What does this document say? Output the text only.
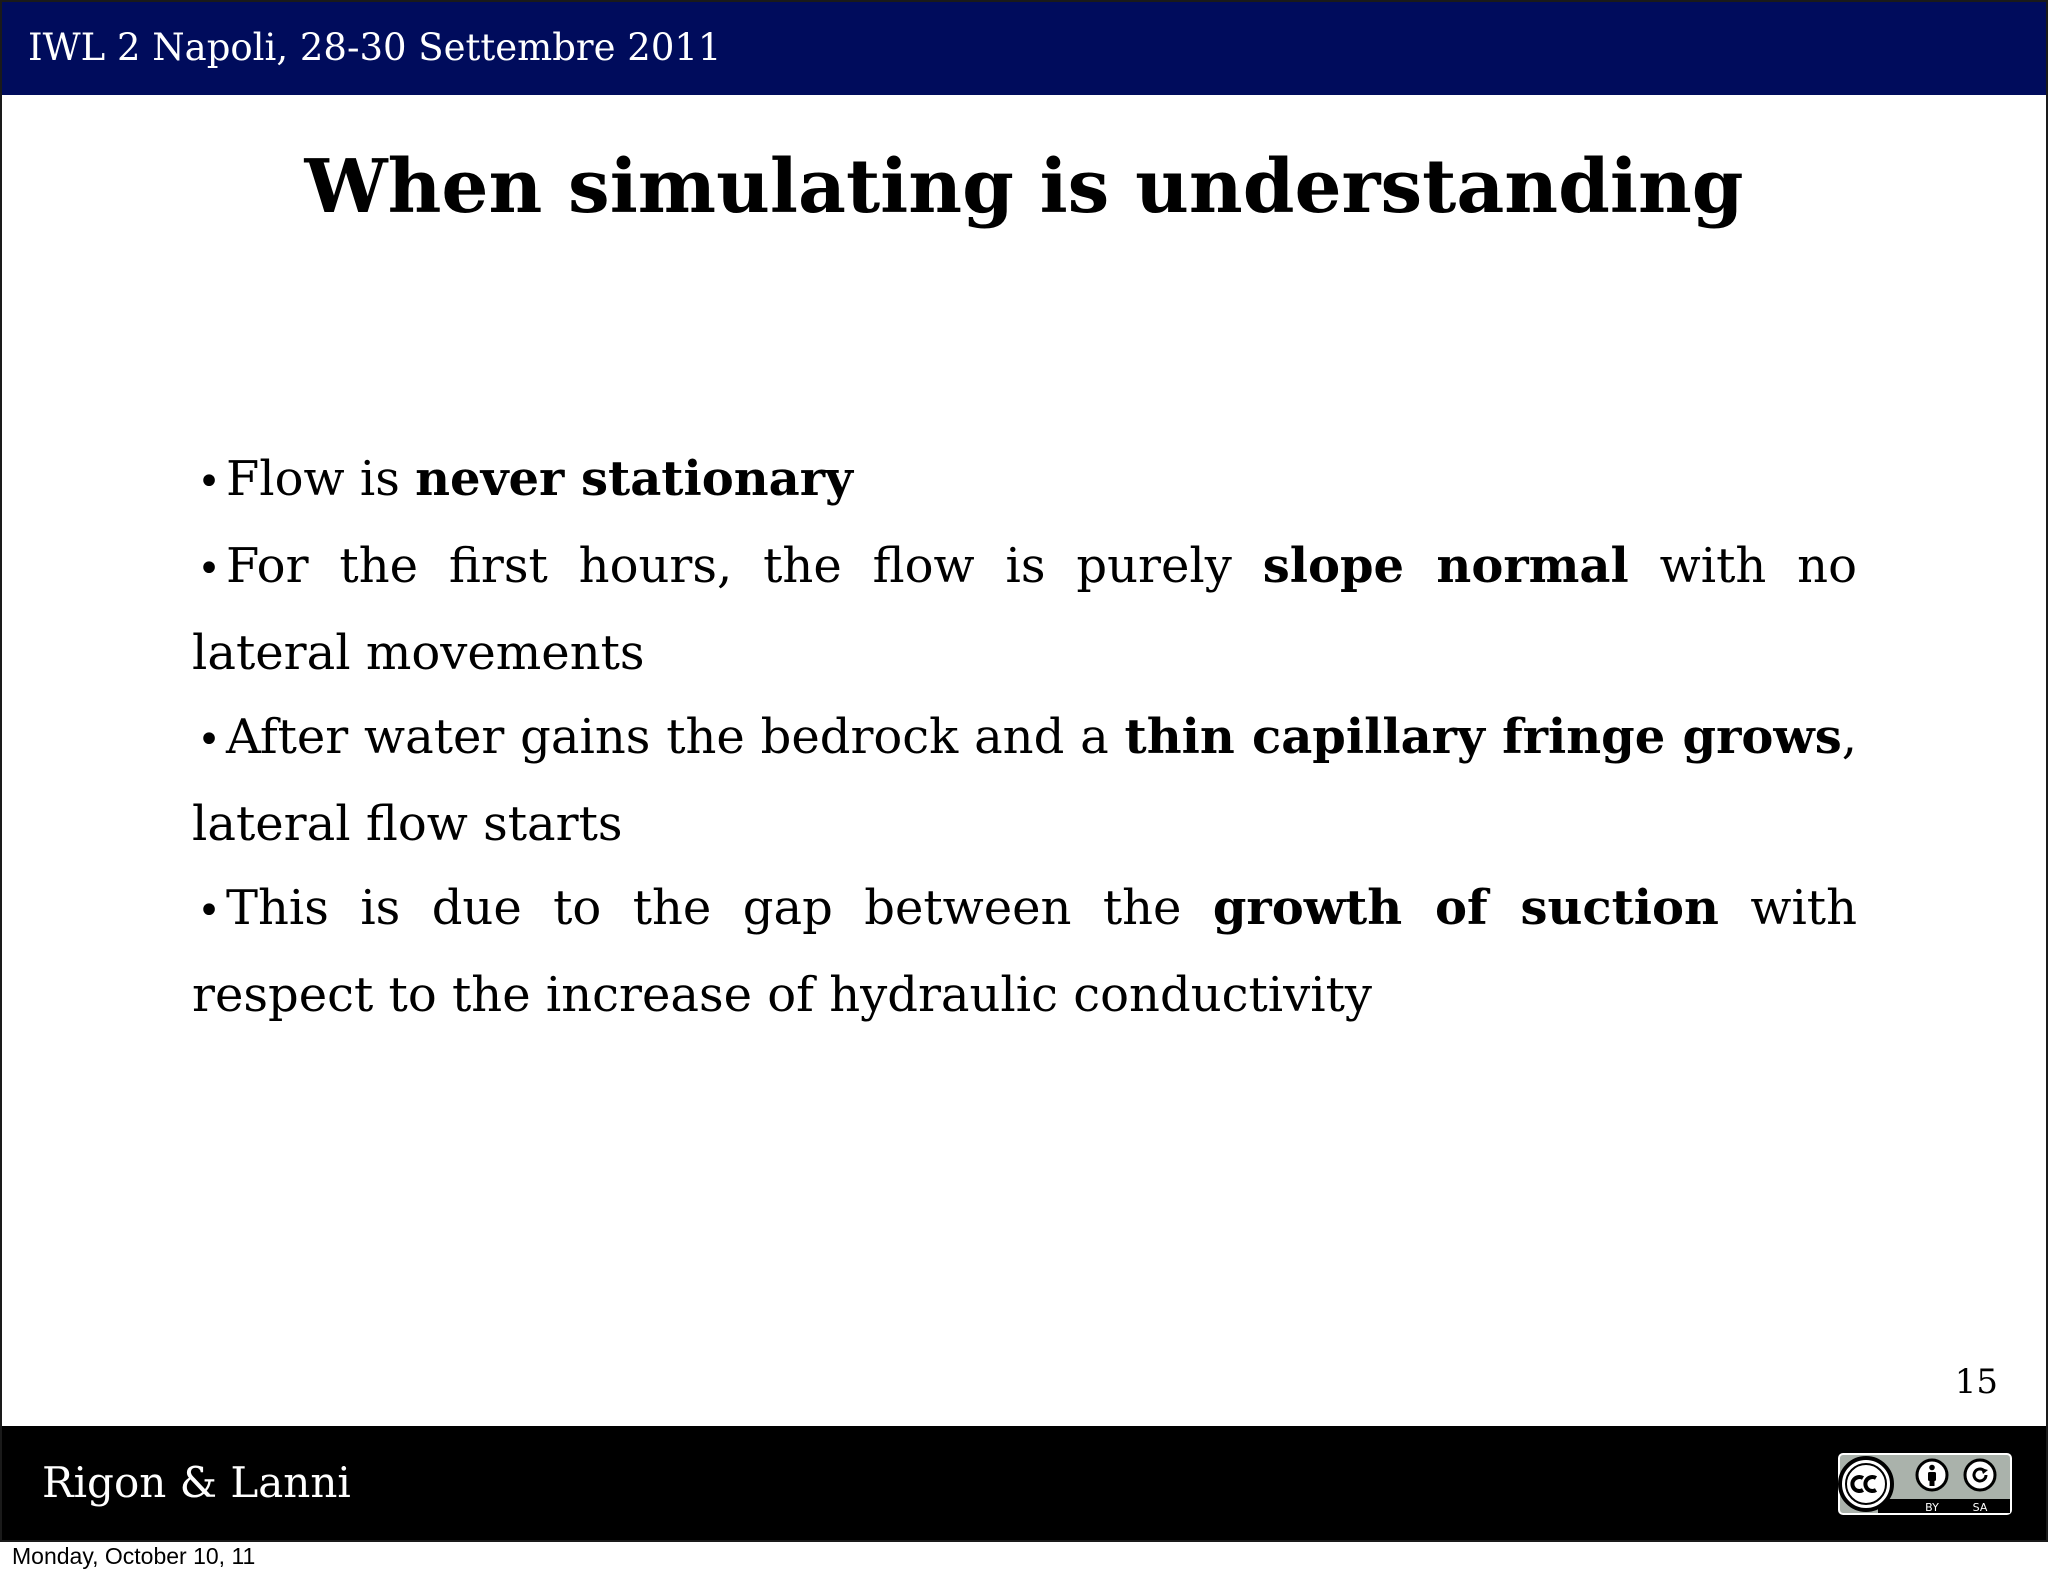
IWL 2 Napoli, 28-30 Settembre 2011
When simulating is understanding

• Flow is never stationary

• For the first hours, the flow is purely slope normal with no lateral movements

• After water gains the bedrock and a thin capillary fringe grows, lateral flow starts

• This is due to the gap between the growth of suction with respect to the increase of hydraulic conductivity

15
Rigon & Lanni
BY	SA
Monday, October 10, 11
